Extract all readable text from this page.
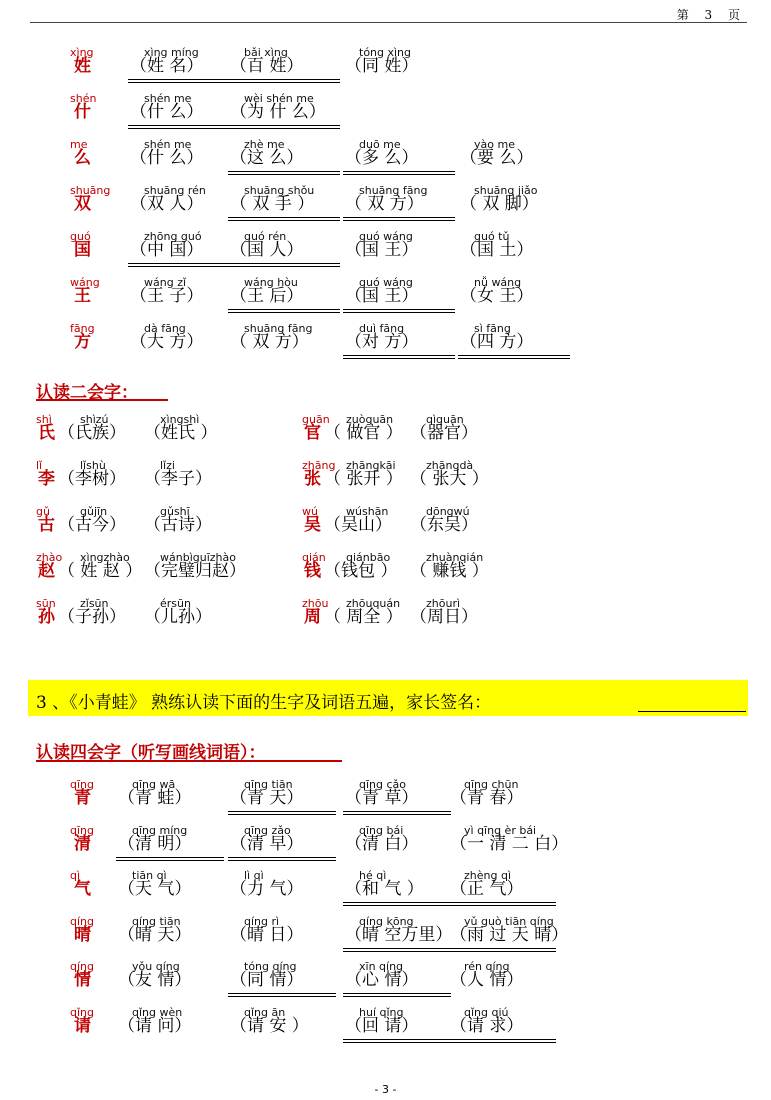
第 3 页
xìng
姓
xìng míng
（姓 名）
bǎi xìng
（百 姓）
tóng xìng
（同 姓）
shén
什
shén me
（什 么）
wèi shén me
（为 什 么）
me
么
shén me
（什 么）
zhè me
（这 么）
duō me
（多 么）
yào me
（要 么）
shuāng
双
shuāng rén
（双 人）
shuāng shǒu
（ 双 手 ）
shuāng fāng
（ 双 方）
shuāng jiǎo
（ 双 脚）
guó
国
zhōng guó
（中 国）
guó rén
（国 人）
guó wáng
（国 王）
guó tǔ
（国 土）
wáng
王
wáng zǐ
（王 子）
wáng hòu
（王 后）
guó wáng
（国 王）
nǚ wáng
（女 王）
fāng
方
dà fāng
（大 方）
shuāng fāng
（ 双 方）
duì fāng
（对 方）
sì fāng
（四 方）
认读二会字：
shì
氏
shìzú
（氏族）
xìngshì
（姓氏 ）
lǐ
李
lǐshù
（李树）
lǐzi
（李子）
gǔ
古
gǔjīn
（古今）
gǔshī
（古诗）
zhào
赵
xìngzhào
（ 姓 赵 ）
wánbìguīzhào
（完璧归赵）
sūn
孙
zǐsūn
（子孙）
érsūn
（儿孙）
guān
官
zuòguān
（ 做官 ）
qìguān
（器官）
zhāng
张
zhāngkāi
（ 张开 ）
zhāngdà
（ 张大 ）
wú
吴
wúshān
（吴山）
dōngwú
（东吴）
qián
钱
qiánbāo
（钱包 ）
zhuànqián
（ 赚钱 ）
zhōu
周
zhōuquán
（ 周全 ）
zhōurì
（周日）
3 、《小青蛙》 熟练认读下面的生字及词语五遍，家长签名：
认读四会字（听写画线词语）：
qīng
青
qīng wā
（青 蛙）
qīng tiān
（青 天）
qīng cǎo
（青 草）
qīng chūn
（青 春）
qīng
清
qīng míng
（清 明）
qīng zǎo
（清 早）
qīng bái
（清 白）
yì qīng èr bái
（一 清 二 白）
qì
气
tiān qì
（天 气）
lì qì
（力 气）
hé qì
（和 气 ）
zhèng qì
（正 气）
qíng
晴
qíng tiān
（晴 天）
qíng rì
（晴 日）
qíng kōng
（晴 空万里）
yǔ guò tiān qíng
（雨 过 天 晴）
qíng
情
yǒu qíng
（友 情）
tóng qíng
（同 情）
xīn qíng
（心 情）
rén qíng
（人 情）
qǐng
请
qǐng wèn
（请 问）
qǐng ān
（请 安 ）
huí qǐng
（回 请）
qǐng qiú
（请 求）
- 3 -
